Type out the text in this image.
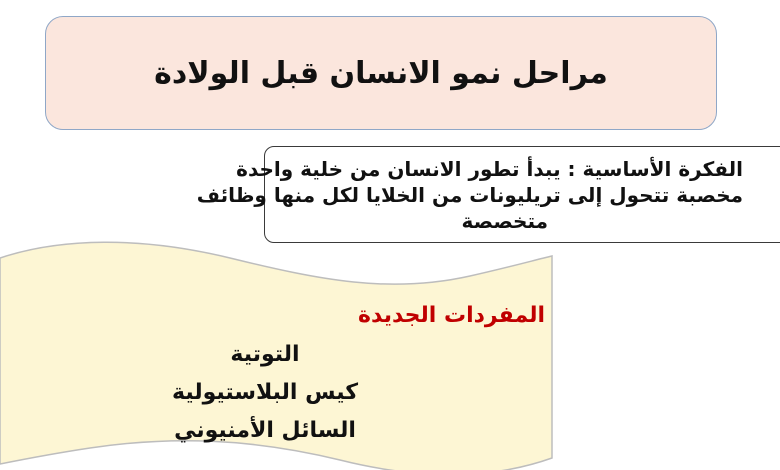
مراحل نمو الانسان قبل الولادة
الفكرة الأساسية : يبدأ تطور الانسان من خلية واحدة
مخصبة تتحول إلى تريليونات من الخلايا لكل منها وظائف
متخصصة
المفردات الجديدة
التوتية
كيس البلاستيولية
السائل الأمنيوني
